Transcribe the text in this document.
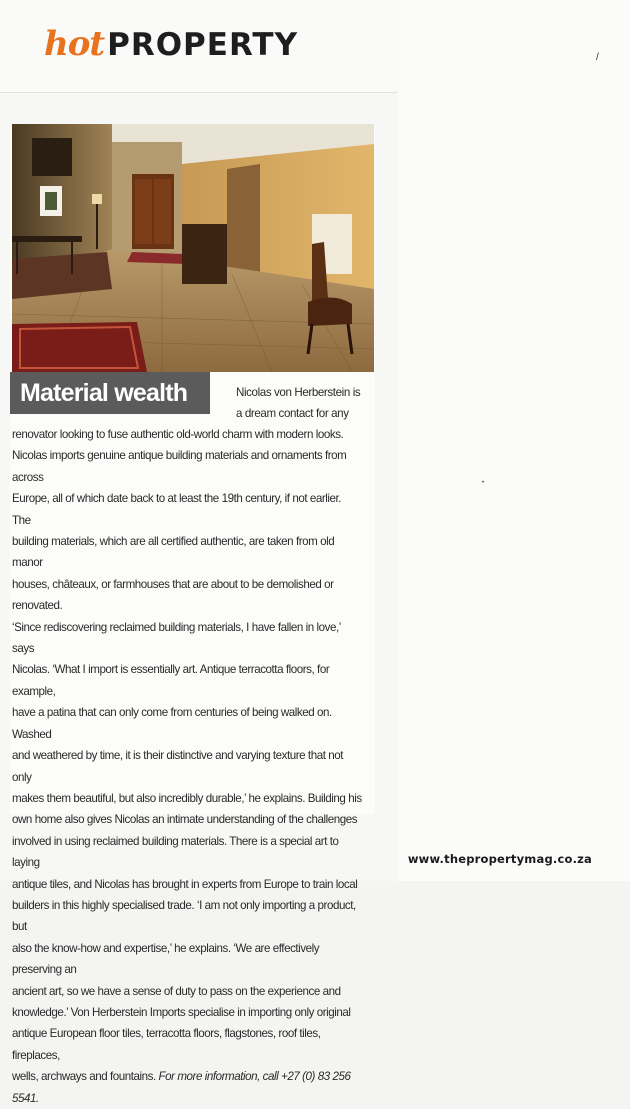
hot PROPERTY	/
•
Material wealth	Nicolas von Herberstein is
a dream contact for any
renovator looking to fuse authentic old-world charm with modern looks.
Nicolas imports genuine antique building materials and ornaments from across
Europe, all of which date back to at least the 19th century, if not earlier. The
building materials, which are all certified authentic, are taken from old manor
houses, châteaux, or farmhouses that are about to be demolished or renovated.
‘Since rediscovering reclaimed building materials, I have fallen in love,’ says
Nicolas. ‘What I import is essentially art. Antique terracotta floors, for example,
have a patina that can only come from centuries of being walked on. Washed
and weathered by time, it is their distinctive and varying texture that not only
makes them beautiful, but also incredibly durable,’ he explains. Building his
own home also gives Nicolas an intimate understanding of the challenges
involved in using reclaimed building materials. There is a special art to laying
antique tiles, and Nicolas has brought in experts from Europe to train local
builders in this highly specialised trade. ‘I am not only importing a product, but
also the know-how and expertise,’ he explains. ‘We are effectively preserving an
ancient art, so we have a sense of duty to pass on the experience and
knowledge.’ Von Herberstein Imports specialise in importing only original
antique European floor tiles, terracotta floors, flagstones, roof tiles, fireplaces,
wells, archways and fountains. For more information, call +27 (0) 83 256 5541.
www.thepropertymag.co.za
